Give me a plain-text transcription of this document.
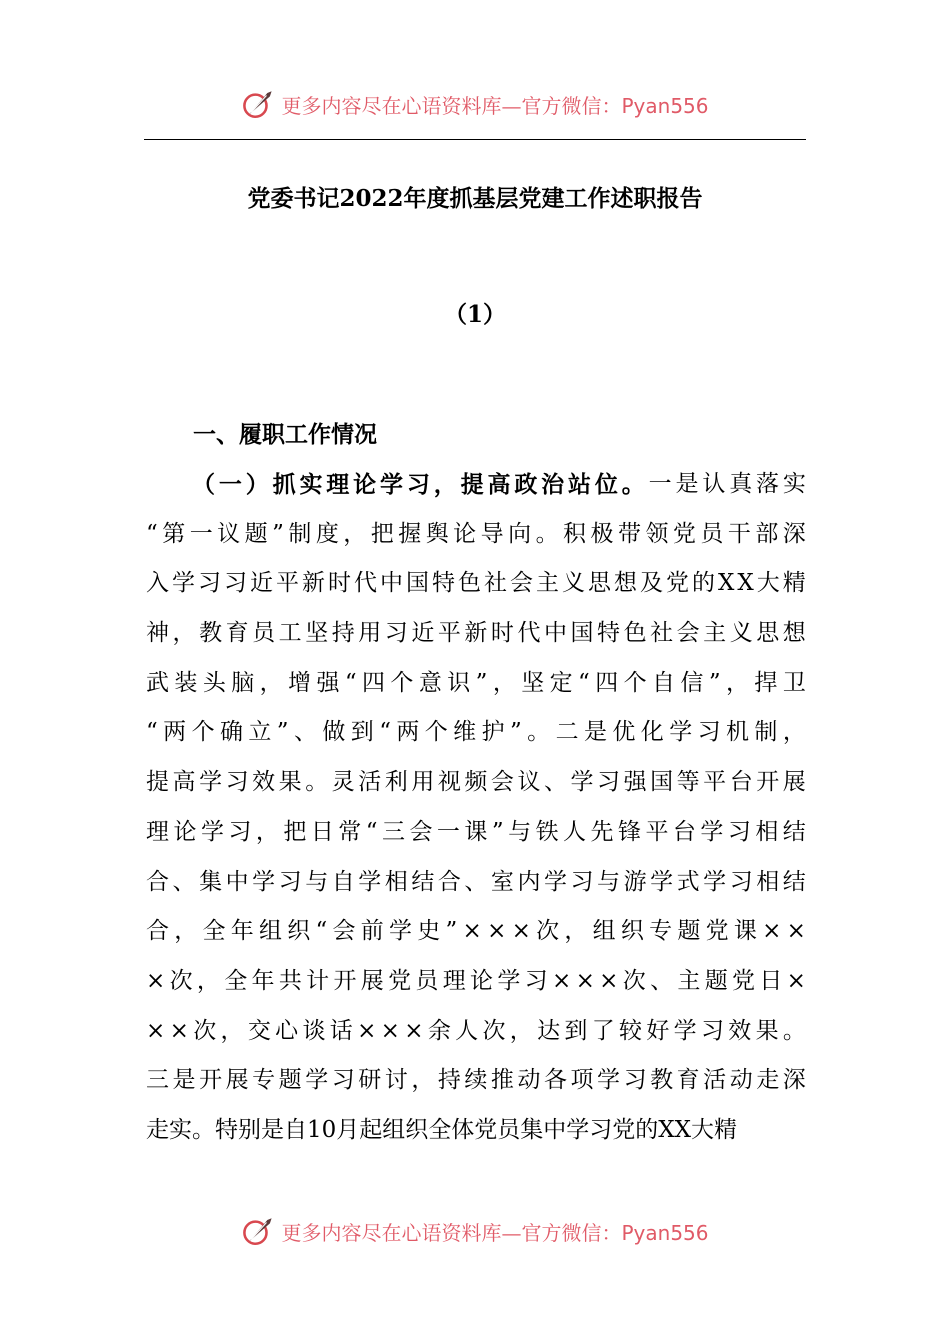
更多内容尽在心语资料库—官方微信：Pyan556
党委书记2022年度抓基层党建工作述职报告
（1）
一、履职工作情况
（ 一 ） 抓 实 理 论 学 习 ， 提 高 政 治 站 位 。 一 是 认 真 落 实
“ 第 一 议 题 ” 制 度 ， 把 握 舆 论 导 向 。 积 极 带 领 党 员 干 部 深
入 学 习 习 近 平 新 时 代 中 国 特 色 社 会 主 义 思 想 及 党 的 X X 大 精
神 ， 教 育 员 工 坚 持 用 习 近 平 新 时 代 中 国 特 色 社 会 主 义 思 想
武 装 头 脑 ， 增 强 “ 四 个 意 识 ” ， 坚 定 “ 四 个 自 信 ” ， 捍 卫
“ 两 个 确 立 ” 、 做 到 “ 两 个 维 护 ” 。 二 是 优 化 学 习 机 制 ，
提 高 学 习 效 果 。 灵 活 利 用 视 频 会 议 、 学 习 强 国 等 平 台 开 展
理 论 学 习 ， 把 日 常 “ 三 会 一 课 ” 与 铁 人 先 锋 平 台 学 习 相 结
合 、 集 中 学 习 与 自 学 相 结 合 、 室 内 学 习 与 游 学 式 学 习 相 结
合 ， 全 年 组 织 “ 会 前 学 史 ” × × × 次 ， 组 织 专 题 党 课 × ×
× 次 ， 全 年 共 计 开 展 党 员 理 论 学 习 × × × 次 、 主 题 党 日 ×
× × 次 ， 交 心 谈 话 × × × 余 人 次 ， 达 到 了 较 好 学 习 效 果 。
三 是 开 展 专 题 学 习 研 讨 ， 持 续 推 动 各 项 学 习 教 育 活 动 走 深
走实。特别是自10月起组织全体党员集中学习党的XX大精
更多内容尽在心语资料库—官方微信：Pyan556
